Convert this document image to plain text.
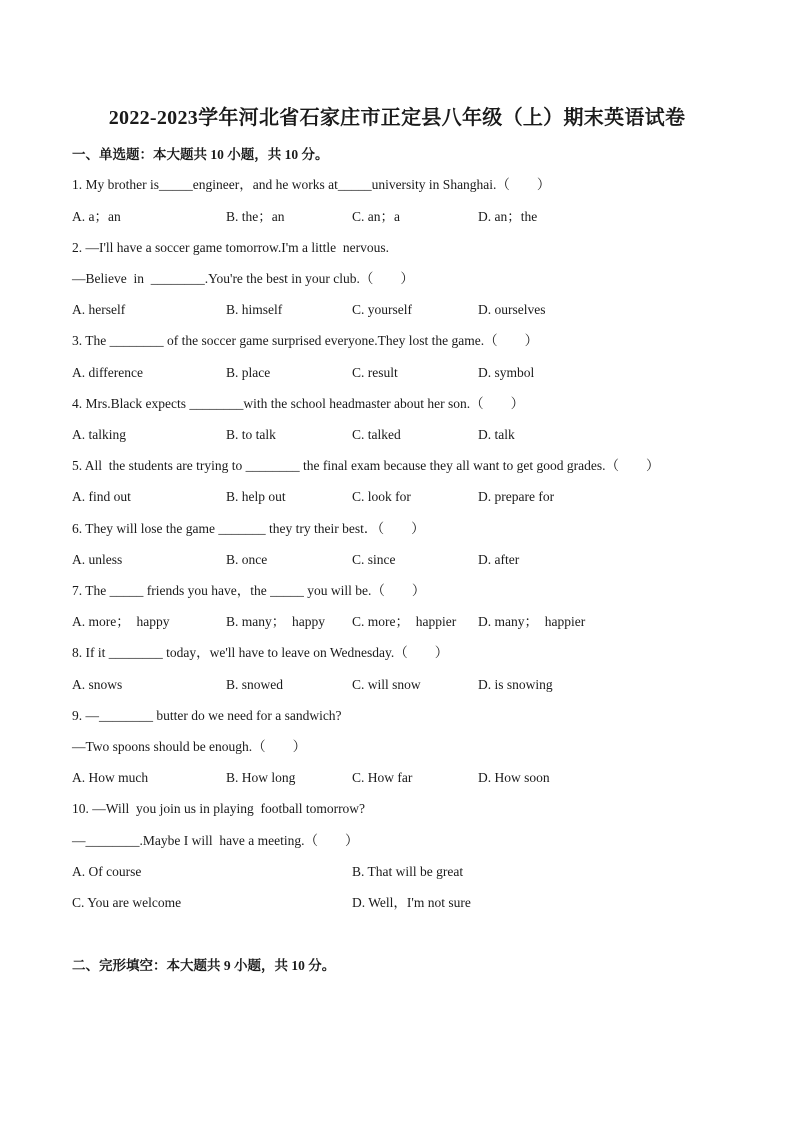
2022-2023学年河北省石家庄市正定县八年级（上）期末英语试卷
一、单选题：本大题共 10 小题，共 10 分。
1. My brother is_____engineer，and he works at_____university in Shanghai.（　　）
A. a；an	B. the；an	C. an；a	D. an；the
2. —I'll have a soccer game tomorrow.I'm a little  nervous.
—Believe  in  ________.You're the best in your club.（　　）
A. herself	B. himself	C. yourself	D. ourselves
3. The ________ of the soccer game surprised everyone.They lost the game.（　　）
A. difference	B. place	C. result	D. symbol
4. Mrs.Black expects ________with the school headmaster about her son.（　　）
A. talking	B. to talk	C. talked	D. talk
5. All  the students are trying to ________ the final exam because they all want to get good grades.（　　）
A. find out	B. help out	C. look for	D. prepare for
6. They will lose the game _______ they try their best．（　　）
A. unless	B. once	C. since	D. after
7. The _____ friends you have，the _____ you will be.（　　）
A. more；  happy	B. many；  happy C. more；  happier D. many；  happier
8. If it ________ today，we'll have to leave on Wednesday.（　　）
A. snows	B. snowed	C. will snow	D. is snowing
9. —________ butter do we need for a sandwich?
—Two spoons should be enough.（　　）
A. How much	B. How long	C. How far	D. How soon
10. —Will  you join us in playing  football tomorrow?
—________.Maybe I will  have a meeting.（　　）
A. Of course	B. That will be great
C. You are welcome	D. Well，I'm not sure
二、完形填空：本大题共 9 小题，共 10 分。
